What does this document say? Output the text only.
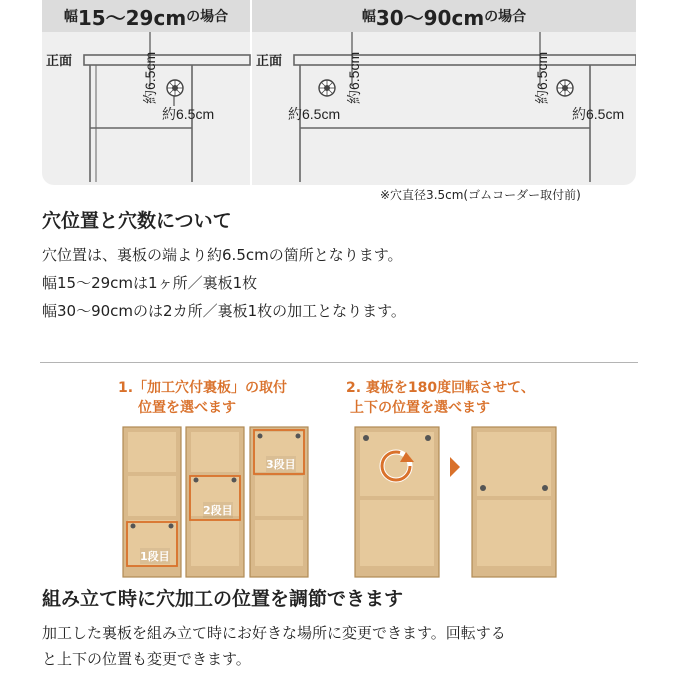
幅 15〜29cm の場合	幅 30〜90cm の場合
正面	正面
約6.5cm
約6.5cm
約6.5cm
約6.5cm
約6.5cm
約6.5cm
※穴直径3.5cm(ゴムコーダー取付前)
穴位置と穴数について
穴位置は、裏板の端より約6.5cmの箇所となります。
幅15〜29cmは1ヶ所／裏板1枚
幅30〜90cmのは2カ所／裏板1枚の加工となります。
1.「加工穴付裏板」の取付
位置を選べます
2. 裏板を180度回転させて、
上下の位置を選べます
1段目
2段目
3段目
組み立て時に穴加工の位置を調節できます
加工した裏板を組み立て時にお好きな場所に変更できます。回転する
と上下の位置も変更できます。
